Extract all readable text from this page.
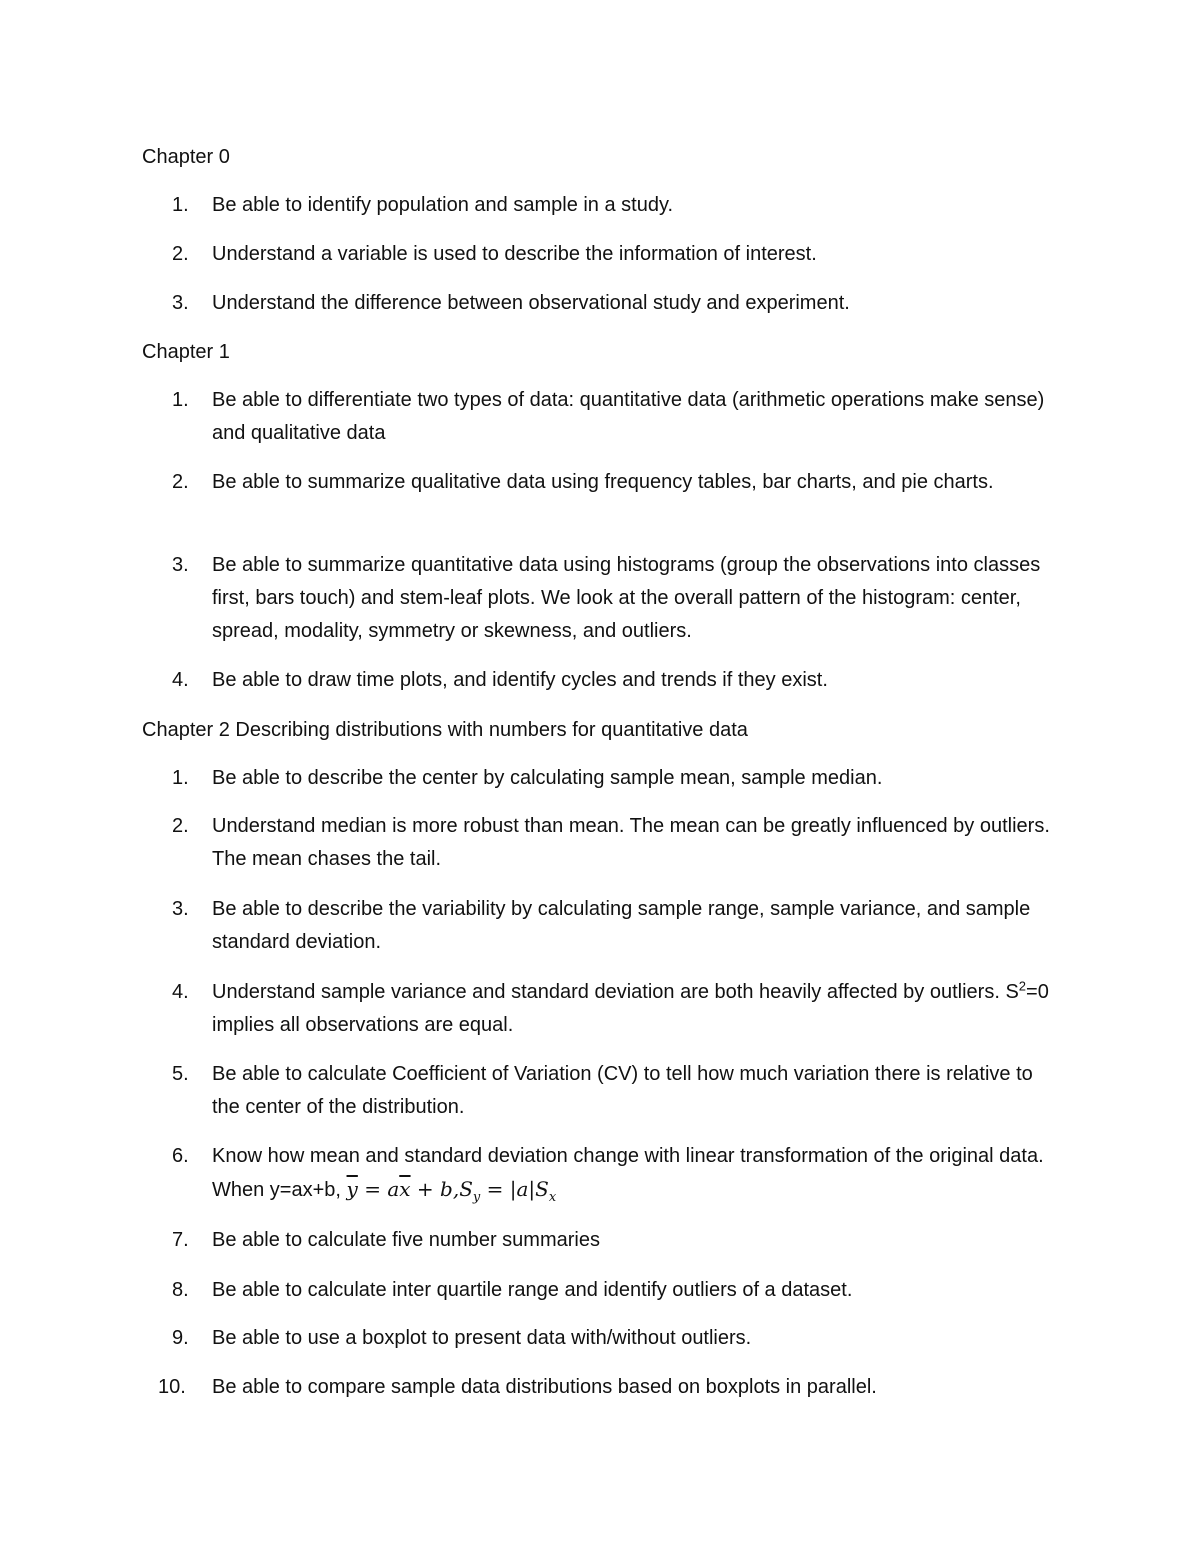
Chapter 0
1.	Be able to identify population and sample in a study.
2.	Understand a variable is used to describe the information of interest.
3.	Understand the difference between observational study and experiment.
Chapter 1
1.	Be able to differentiate two types of data: quantitative data (arithmetic operations make sense) and qualitative data
2.	Be able to summarize qualitative data using frequency tables, bar charts, and pie charts.
3.	Be able to summarize quantitative data using histograms (group the observations into classes first, bars touch) and stem-leaf plots. We look at the overall pattern of the histogram: center, spread, modality, symmetry or skewness, and outliers.
4.	Be able to draw time plots, and identify cycles and trends if they exist.
Chapter 2 Describing distributions with numbers for quantitative data
1.	Be able to describe the center by calculating sample mean, sample median.
2.	Understand median is more robust than mean. The mean can be greatly influenced by outliers. The mean chases the tail.
3.	Be able to describe the variability by calculating sample range, sample variance, and sample standard deviation.
4.	Understand sample variance and standard deviation are both heavily affected by outliers. $S^2=0$ implies all observations are equal.
5.	Be able to calculate Coefficient of Variation (CV) to tell how much variation there is relative to the center of the distribution.
6.	Know how mean and standard deviation change with linear transformation of the original data. When y=ax+b, $\overline{y} = a\overline{x} + b,S_y = |a|S_x$
7.	Be able to calculate five number summaries
8.	Be able to calculate inter quartile range and identify outliers of a dataset.
9.	Be able to use a boxplot to present data with/without outliers.
10.	Be able to compare sample data distributions based on boxplots in parallel.
